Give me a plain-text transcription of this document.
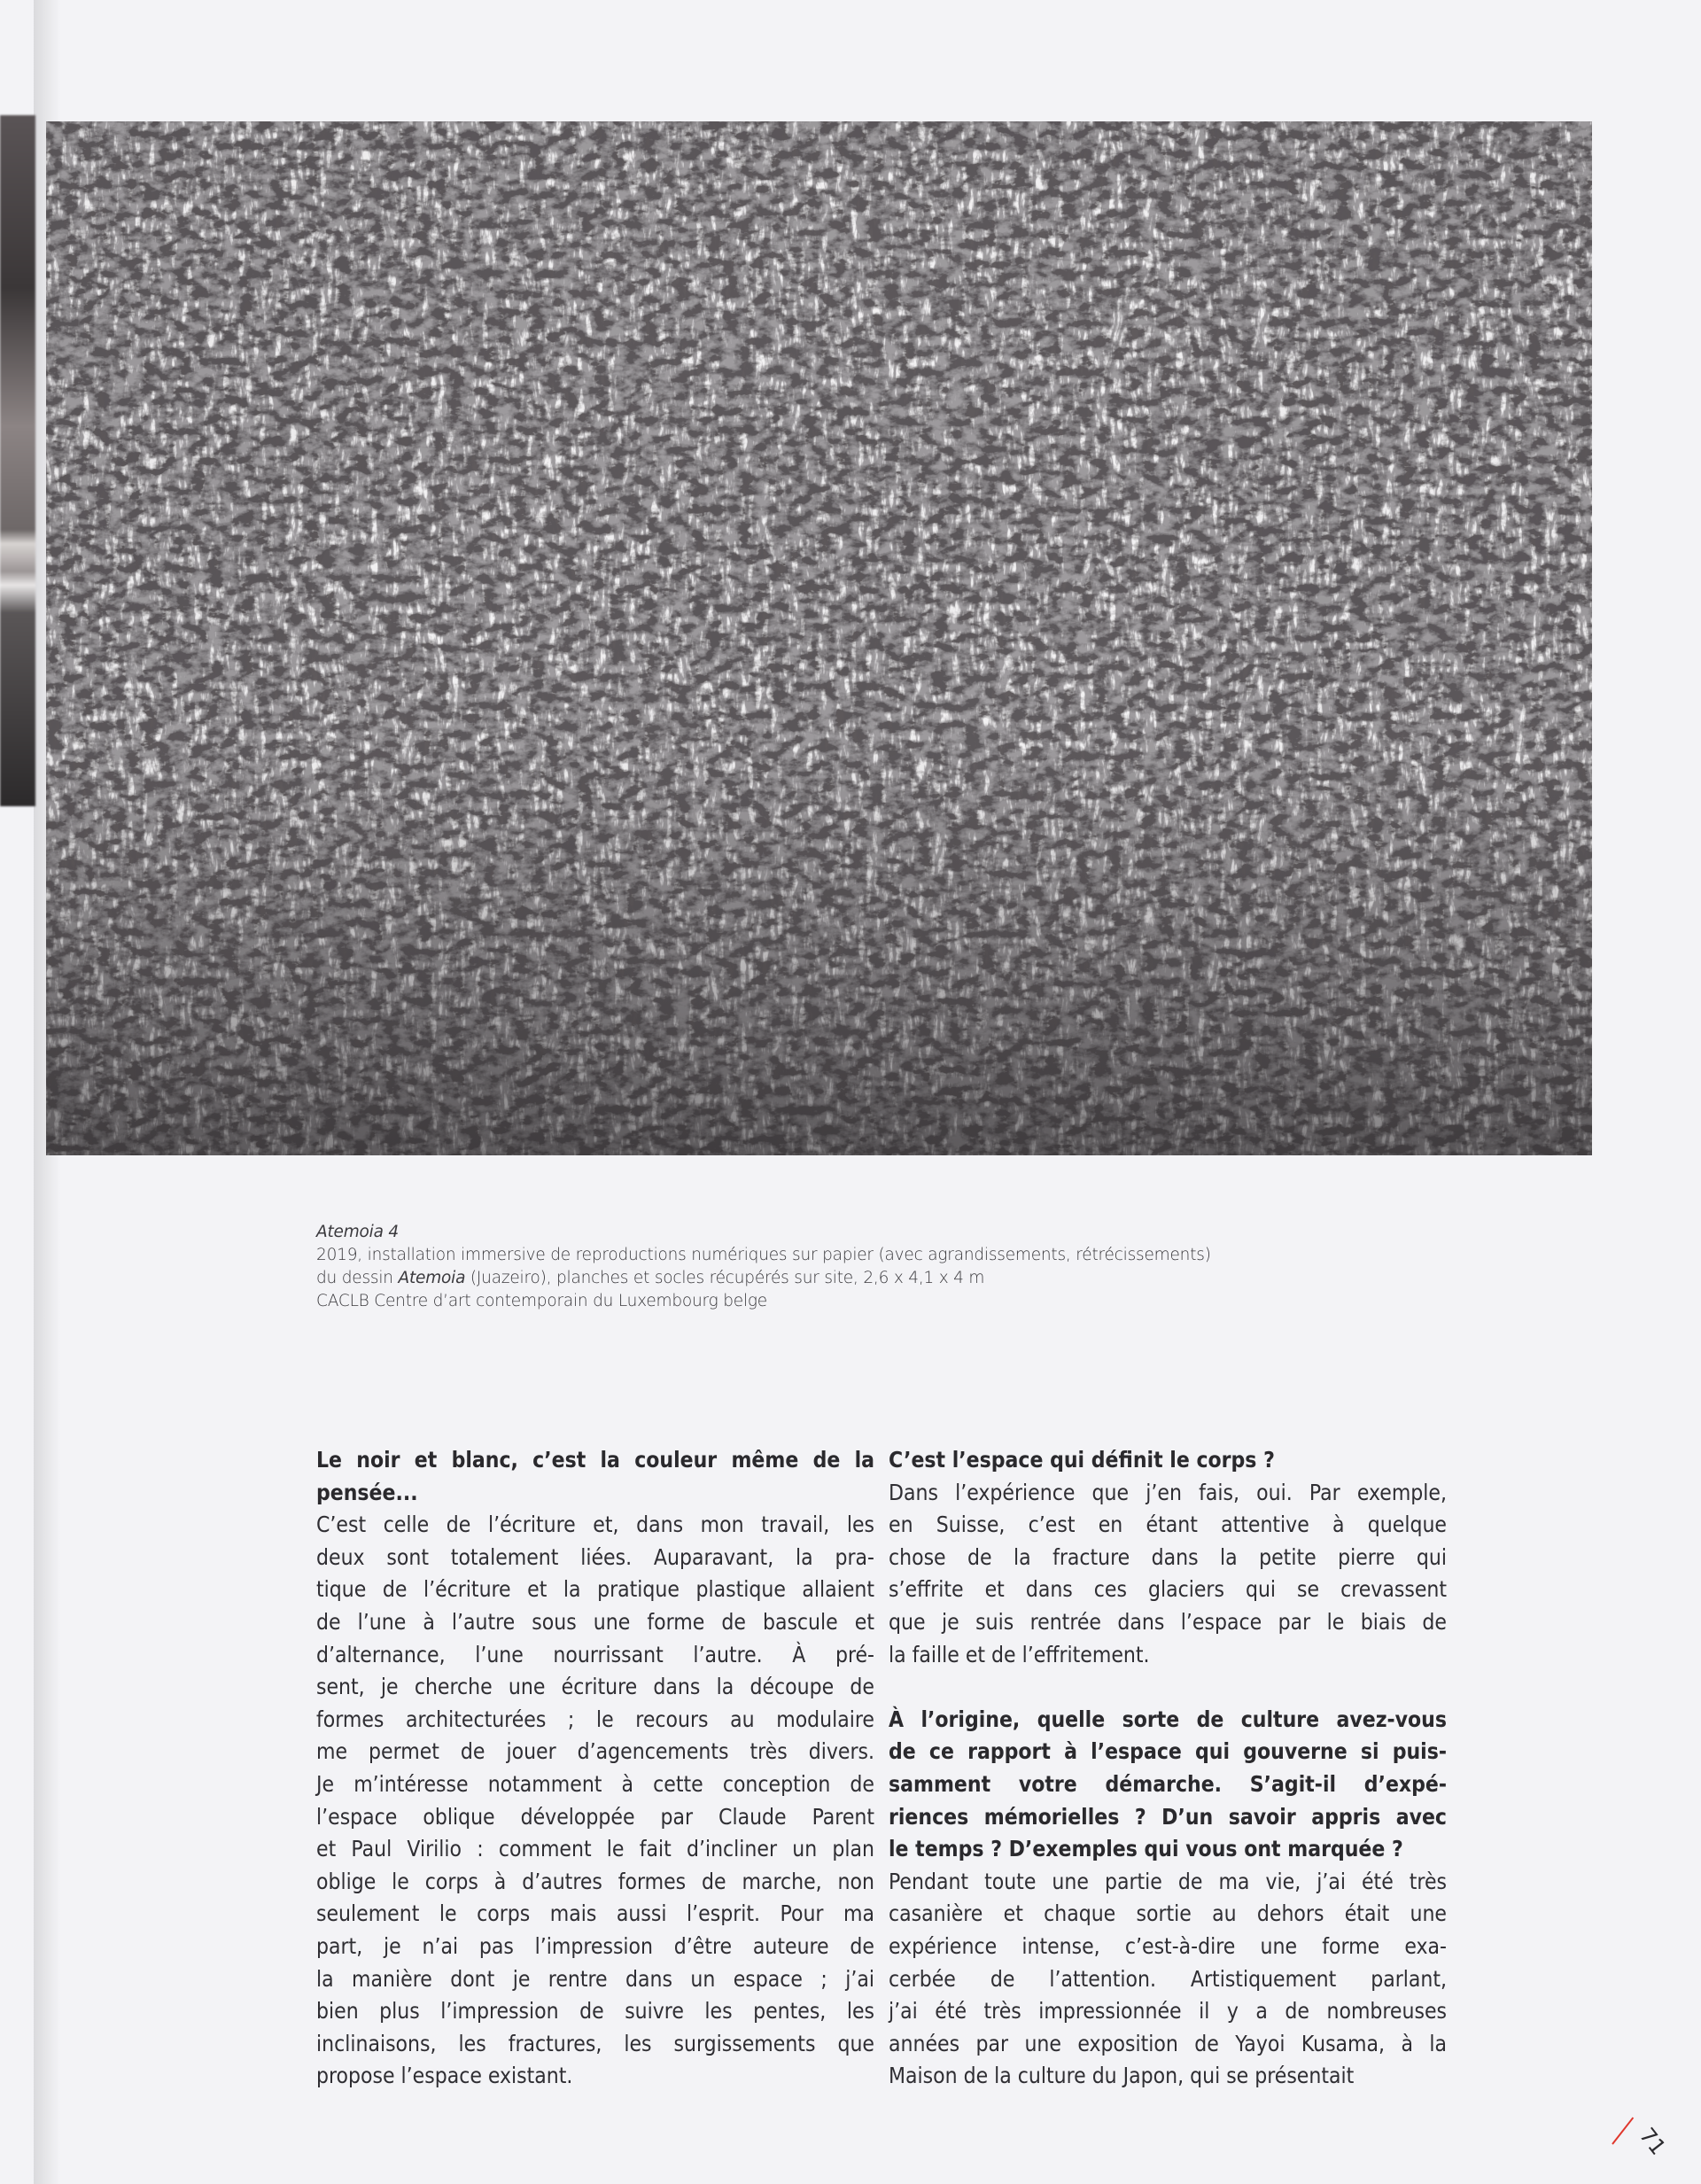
Atemoia 4
2019, installation immersive de reproductions numériques sur papier (avec agrandissements, rétrécissements)
du dessin Atemoia (Juazeiro), planches et socles récupérés sur site, 2,6 x 4,1 x 4 m
CACLB Centre d’art contemporain du Luxembourg belge
Le noir et blanc, c’est la couleur même de la
pensée...
C’est celle de l’écriture et, dans mon travail, les
deux sont totalement liées. Auparavant, la pra-
tique de l’écriture et la pratique plastique allaient
de l’une à l’autre sous une forme de bascule et
d’alternance, l’une nourrissant l’autre. À pré-
sent, je cherche une écriture dans la découpe de
formes architecturées ; le recours au modulaire
me permet de jouer d’agencements très divers.
Je m’intéresse notamment à cette conception de
l’espace oblique développée par Claude Parent
et Paul Virilio : comment le fait d’incliner un plan
oblige le corps à d’autres formes de marche, non
seulement le corps mais aussi l’esprit. Pour ma
part, je n’ai pas l’impression d’être auteure de
la manière dont je rentre dans un espace ; j’ai
bien plus l’impression de suivre les pentes, les
inclinaisons, les fractures, les surgissements que
propose l’espace existant.
C’est l’espace qui définit le corps ?
Dans l’expérience que j’en fais, oui. Par exemple,
en Suisse, c’est en étant attentive à quelque
chose de la fracture dans la petite pierre qui
s’effrite et dans ces glaciers qui se crevassent
que je suis rentrée dans l’espace par le biais de
la faille et de l’effritement.
À l’origine, quelle sorte de culture avez-vous
de ce rapport à l’espace qui gouverne si puis-
samment votre démarche. S’agit-il d’expé-
riences mémorielles ? D’un savoir appris avec
le temps ? D’exemples qui vous ont marquée ?
Pendant toute une partie de ma vie, j’ai été très
casanière et chaque sortie au dehors était une
expérience intense, c’est-à-dire une forme exa-
cerbée de l’attention. Artistiquement parlant,
j’ai été très impressionnée il y a de nombreuses
années par une exposition de Yayoi Kusama, à la
Maison de la culture du Japon, qui se présentait
71
